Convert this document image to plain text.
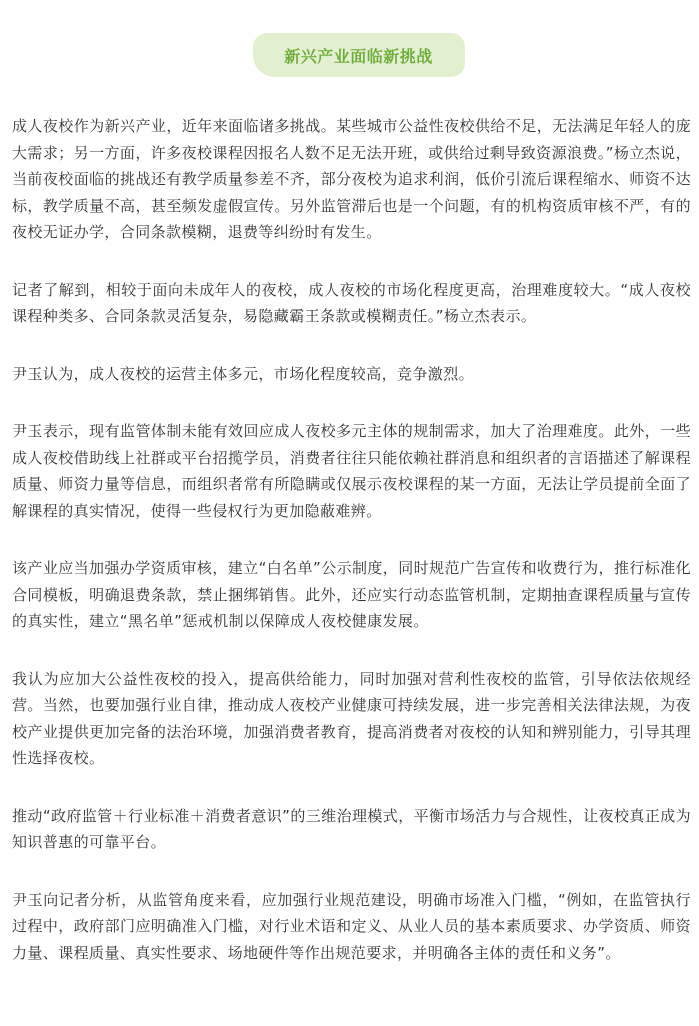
新兴产业面临新挑战

成人夜校作为新兴产业，近年来面临诸多挑战。某些城市公益性夜校供给不足，无法满足年轻人的庞大需求；另一方面，许多夜校课程因报名人数不足无法开班，或供给过剩导致资源浪费。”杨立杰说，当前夜校面临的挑战还有教学质量参差不齐，部分夜校为追求利润，低价引流后课程缩水、师资不达标，教学质量不高，甚至频发虚假宣传。另外监管滞后也是一个问题，有的机构资质审核不严，有的夜校无证办学，合同条款模糊，退费等纠纷时有发生。

记者了解到，相较于面向未成年人的夜校，成人夜校的市场化程度更高，治理难度较大。“成人夜校课程种类多、合同条款灵活复杂，易隐藏霸王条款或模糊责任。”杨立杰表示。

尹玉认为，成人夜校的运营主体多元，市场化程度较高，竞争激烈。

尹玉表示，现有监管体制未能有效回应成人夜校多元主体的规制需求，加大了治理难度。此外，一些成人夜校借助线上社群或平台招揽学员，消费者往往只能依赖社群消息和组织者的言语描述了解课程质量、师资力量等信息，而组织者常有所隐瞒或仅展示夜校课程的某一方面，无法让学员提前全面了解课程的真实情况，使得一些侵权行为更加隐蔽难辨。

该产业应当加强办学资质审核，建立“白名单”公示制度，同时规范广告宣传和收费行为，推行标准化合同模板，明确退费条款，禁止捆绑销售。此外，还应实行动态监管机制，定期抽查课程质量与宣传的真实性，建立“黑名单”惩戒机制以保障成人夜校健康发展。

我认为应加大公益性夜校的投入，提高供给能力，同时加强对营利性夜校的监管，引导依法依规经营。当然，也要加强行业自律，推动成人夜校产业健康可持续发展，进一步完善相关法律法规，为夜校产业提供更加完备的法治环境，加强消费者教育，提高消费者对夜校的认知和辨别能力，引导其理性选择夜校。

推动“政府监管＋行业标准＋消费者意识”的三维治理模式，平衡市场活力与合规性，让夜校真正成为知识普惠的可靠平台。

尹玉向记者分析，从监管角度来看，应加强行业规范建设，明确市场准入门槛，“例如，在监管执行过程中，政府部门应明确准入门槛，对行业术语和定义、从业人员的基本素质要求、办学资质、师资力量、课程质量、真实性要求、场地硬件等作出规范要求，并明确各主体的责任和义务”。
